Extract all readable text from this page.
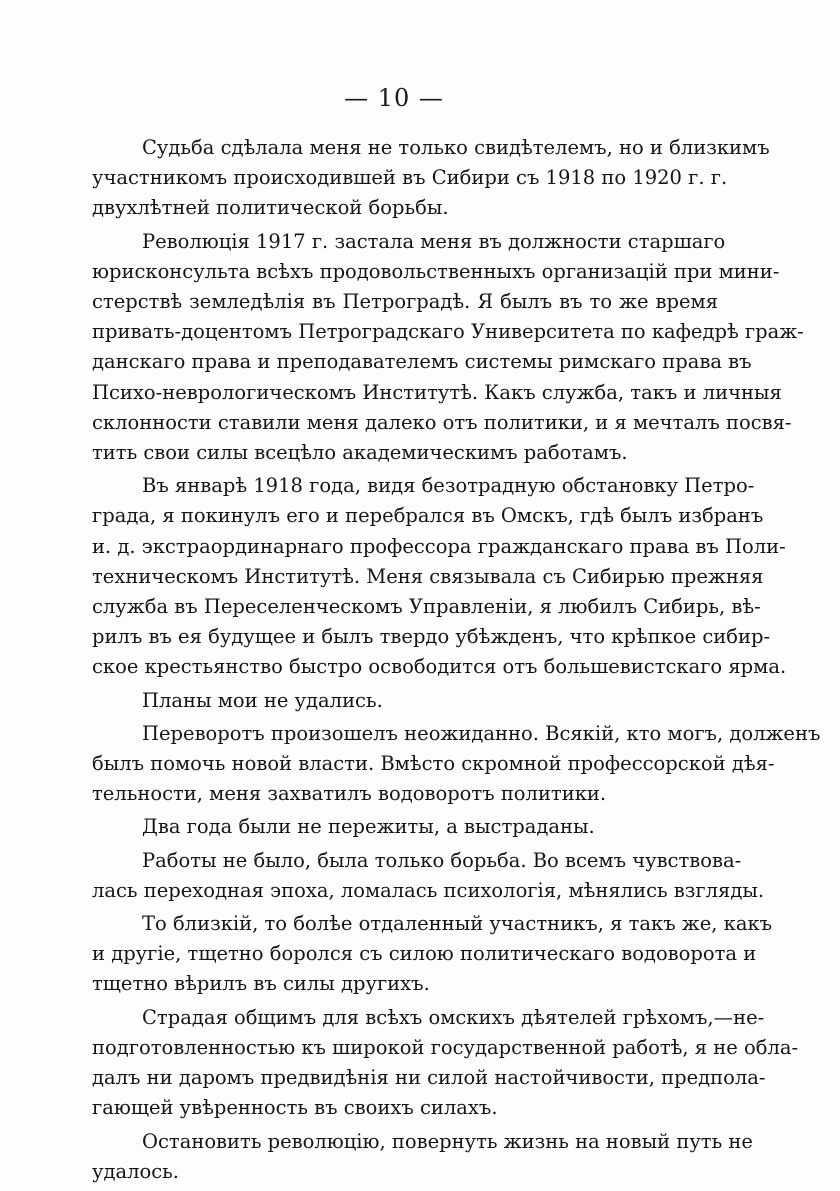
— 10 —
Судьба сдѣлала меня не только свидѣтелемъ, но и близкимъ
участникомъ происходившей въ Сибири съ 1918 по 1920 г. г.
двухлѣтней политической борьбы.
Революція 1917 г. застала меня въ должности старшаго
юрисконсульта всѣхъ продовольственныхъ организацій при мини-
стерствѣ земледѣлія въ Петроградѣ. Я былъ въ то же время
привать-доцентомъ Петроградскаго Университета по кафедрѣ граж-
данскаго права и преподавателемъ системы римскаго права въ
Психо-неврологическомъ Институтѣ. Какъ служба, такъ и личныя
склонности ставили меня далеко отъ политики, и я мечталъ посвя-
тить свои силы всецѣло академическимъ работамъ.
Въ январѣ 1918 года, видя безотрадную обстановку Петро-
града, я покинулъ его и перебрался въ Омскъ, гдѣ былъ избранъ
и. д. экстраординарнаго профессора гражданскаго права въ Поли-
техническомъ Институтѣ. Меня связывала съ Сибирью прежняя
служба въ Переселенческомъ Управленіи, я любилъ Сибирь, вѣ-
рилъ въ ея будущее и былъ твердо убѣжденъ, что крѣпкое сибир-
ское крестьянство быстро освободится отъ большевистскаго ярма.
Планы мои не удались.
Переворотъ произошелъ неожиданно. Всякій, кто могъ, долженъ
былъ помочь новой власти. Вмѣсто скромной профессорской дѣя-
тельности, меня захватилъ водоворотъ политики.
Два года были не пережиты, а выстраданы.
Работы не было, была только борьба. Во всемъ чувствова-
лась переходная эпоха, ломалась психологія, мѣнялись взгляды.
То близкій, то болѣе отдаленный участникъ, я такъ же, какъ
и другіе, тщетно боролся съ силою политическаго водоворота и
тщетно вѣрилъ въ силы другихъ.
Страдая общимъ для всѣхъ омскихъ дѣятелей грѣхомъ,—не-
подготовленностью къ широкой государственной работѣ, я не обла-
далъ ни даромъ предвидѣнія ни силой настойчивости, предпола-
гающей увѣренность въ своихъ силахъ.
Остановить революцію, повернуть жизнь на новый путь не
удалось.
